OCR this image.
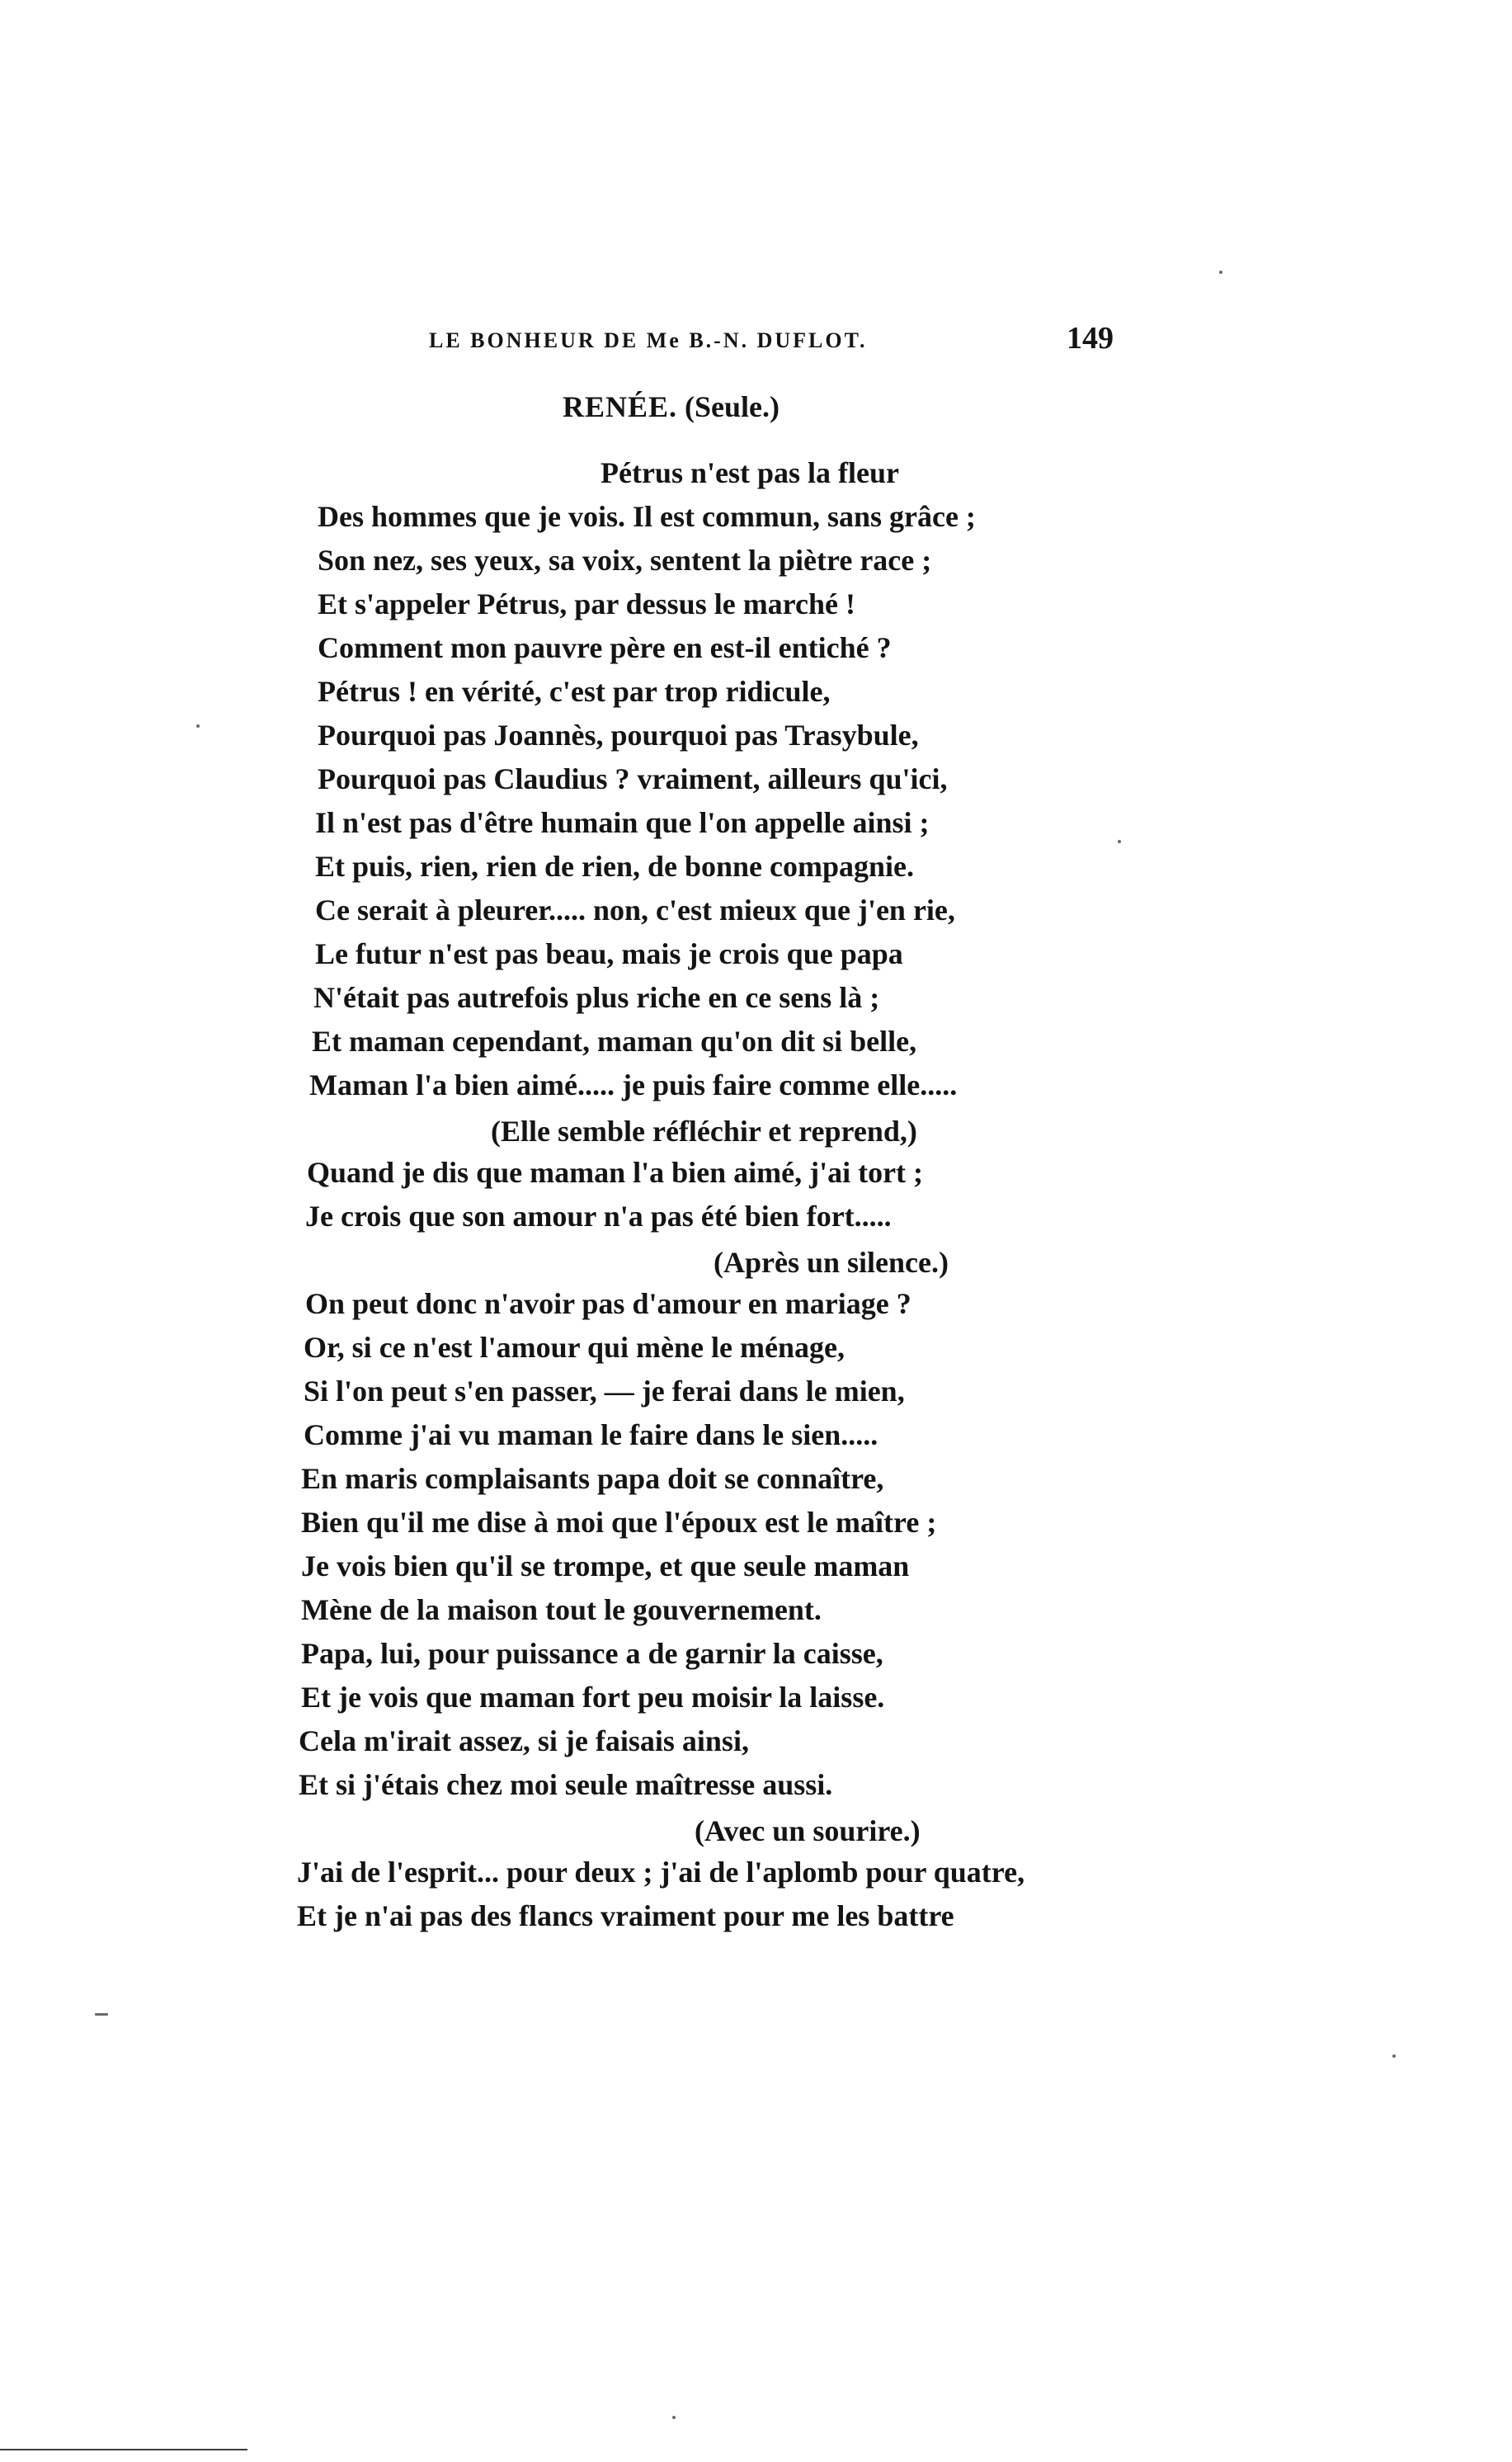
LE BONHEUR DE Me B.-N. DUFLOT.	149
RENÉE. (Seule.)
Pétrus n'est pas la fleur
Des hommes que je vois. Il est commun, sans grâce ;
Son nez, ses yeux, sa voix, sentent la piètre race ;
Et s'appeler Pétrus, par dessus le marché !
Comment mon pauvre père en est-il entiché ?
Pétrus ! en vérité, c'est par trop ridicule,
Pourquoi pas Joannès, pourquoi pas Trasybule,
Pourquoi pas Claudius ? vraiment, ailleurs qu'ici,
Il n'est pas d'être humain que l'on appelle ainsi ;
Et puis, rien, rien de rien, de bonne compagnie.
Ce serait à pleurer..... non, c'est mieux que j'en rie,
Le futur n'est pas beau, mais je crois que papa
N'était pas autrefois plus riche en ce sens là ;
Et maman cependant, maman qu'on dit si belle,
Maman l'a bien aimé..... je puis faire comme elle.....
(Elle semble réfléchir et reprend,)
Quand je dis que maman l'a bien aimé, j'ai tort ;
Je crois que son amour n'a pas été bien fort.....
(Après un silence.)
On peut donc n'avoir pas d'amour en mariage ?
Or, si ce n'est l'amour qui mène le ménage,
Si l'on peut s'en passer, — je ferai dans le mien,
Comme j'ai vu maman le faire dans le sien.....
En maris complaisants papa doit se connaître,
Bien qu'il me dise à moi que l'époux est le maître ;
Je vois bien qu'il se trompe, et que seule maman
Mène de la maison tout le gouvernement.
Papa, lui, pour puissance a de garnir la caisse,
Et je vois que maman fort peu moisir la laisse.
Cela m'irait assez, si je faisais ainsi,
Et si j'étais chez moi seule maîtresse aussi.
(Avec un sourire.)
J'ai de l'esprit... pour deux ; j'ai de l'aplomb pour quatre,
Et je n'ai pas des flancs vraiment pour me les battre
